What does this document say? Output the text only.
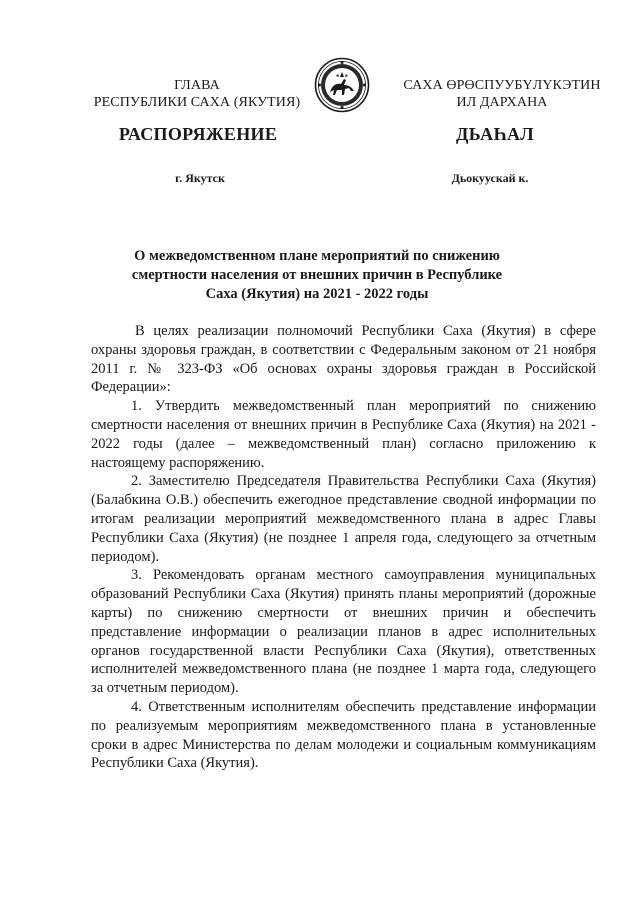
ГЛАВА
РЕСПУБЛИКИ САХА (ЯКУТИЯ)
САХА ӨРӨСПУУБҮЛҮКЭТИН
ИЛ ДАРХАНА
РАСПОРЯЖЕНИЕ	ДЬАҺАЛ
г. Якутск	Дьокуускай к.
О межведомственном плане мероприятий по снижению
смертности населения от внешних причин в Республике
Саха (Якутия) на 2021 - 2022 годы

В целях реализации полномочий Республики Саха (Якутия) в сфере охраны здоровья граждан, в соответствии с Федеральным законом от 21 ноября 2011 г. № 323-ФЗ «Об основах охраны здоровья граждан в Российской Федерации»:

1. Утвердить межведомственный план мероприятий по снижению смертности населения от внешних причин в Республике Саха (Якутия) на 2021 - 2022 годы (далее – межведомственный план) согласно приложению к настоящему распоряжению.

2. Заместителю Председателя Правительства Республики Саха (Якутия) (Балабкина О.В.) обеспечить ежегодное представление сводной информации по итогам реализации мероприятий межведомственного плана в адрес Главы Республики Саха (Якутия) (не позднее 1 апреля года, следующего за отчетным периодом).

3. Рекомендовать органам местного самоуправления муниципальных образований Республики Саха (Якутия) принять планы мероприятий (дорожные карты) по снижению смертности от внешних причин и обеспечить представление информации о реализации планов в адрес исполнительных органов государственной власти Республики Саха (Якутия), ответственных исполнителей межведомственного плана (не позднее 1 марта года, следующего за отчетным периодом).

4. Ответственным исполнителям обеспечить представление информации по реализуемым мероприятиям межведомственного плана в установленные сроки в адрес Министерства по делам молодежи и социальным коммуникациям Республики Саха (Якутия).
